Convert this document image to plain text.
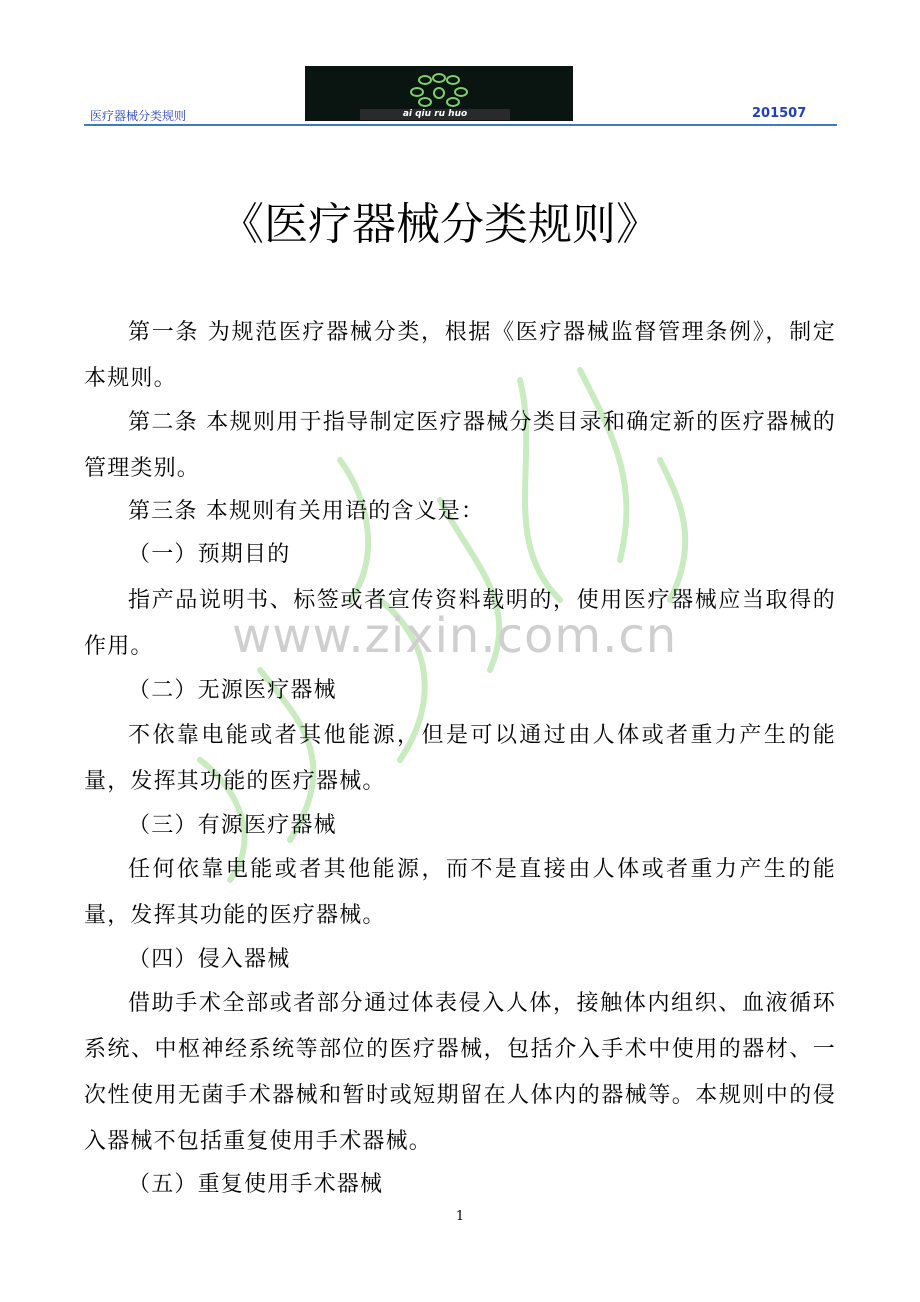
医疗器械分类规则	ai qiu ru huo	201507
《医疗器械分类规则》
www.zixin.com.cn
第一条 为规范医疗器械分类，根据《医疗器械监督管理条例》，制定本规则。
第二条 本规则用于指导制定医疗器械分类目录和确定新的医疗器械的管理类别。
第三条 本规则有关用语的含义是：
（一）预期目的
指产品说明书、标签或者宣传资料载明的，使用医疗器械应当取得的作用。
（二）无源医疗器械
不依靠电能或者其他能源，但是可以通过由人体或者重力产生的能量，发挥其功能的医疗器械。
（三）有源医疗器械
任何依靠电能或者其他能源，而不是直接由人体或者重力产生的能量，发挥其功能的医疗器械。
（四）侵入器械
借助手术全部或者部分通过体表侵入人体，接触体内组织、血液循环系统、中枢神经系统等部位的医疗器械，包括介入手术中使用的器材、一次性使用无菌手术器械和暂时或短期留在人体内的器械等。本规则中的侵入器械不包括重复使用手术器械。
（五）重复使用手术器械
1
